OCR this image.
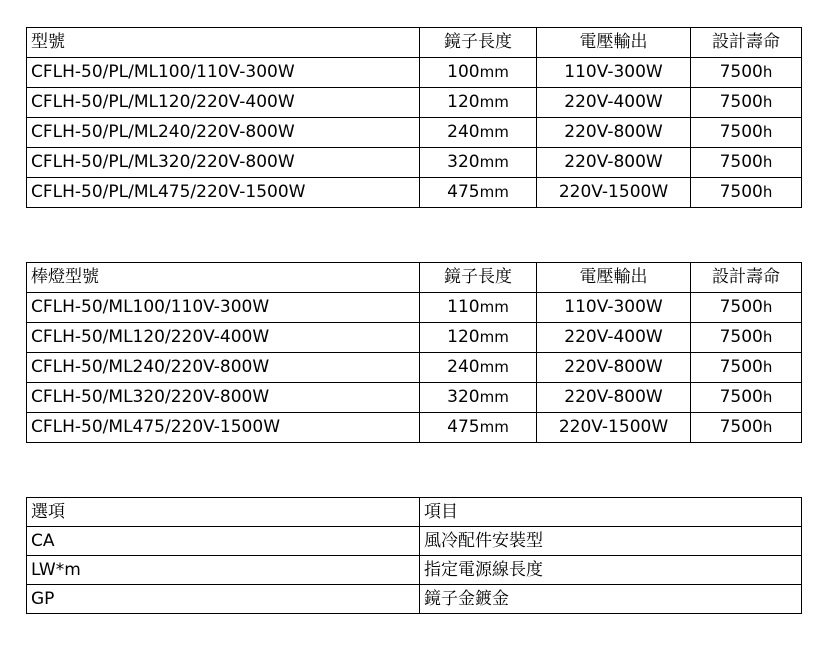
型號	鏡子長度	電壓輸出	設計壽命
CFLH-50/PL/ML100/110V-300W	100mm	110V-300W	7500h
CFLH-50/PL/ML120/220V-400W	120mm	220V-400W	7500h
CFLH-50/PL/ML240/220V-800W	240mm	220V-800W	7500h
CFLH-50/PL/ML320/220V-800W	320mm	220V-800W	7500h
CFLH-50/PL/ML475/220V-1500W	475mm	220V-1500W	7500h
棒燈型號	鏡子長度	電壓輸出	設計壽命
CFLH-50/ML100/110V-300W	110mm	110V-300W	7500h
CFLH-50/ML120/220V-400W	120mm	220V-400W	7500h
CFLH-50/ML240/220V-800W	240mm	220V-800W	7500h
CFLH-50/ML320/220V-800W	320mm	220V-800W	7500h
CFLH-50/ML475/220V-1500W	475mm	220V-1500W	7500h
選項	項目
CA	風冷配件安裝型
LW*m	指定電源線長度
GP	鏡子金鍍金
